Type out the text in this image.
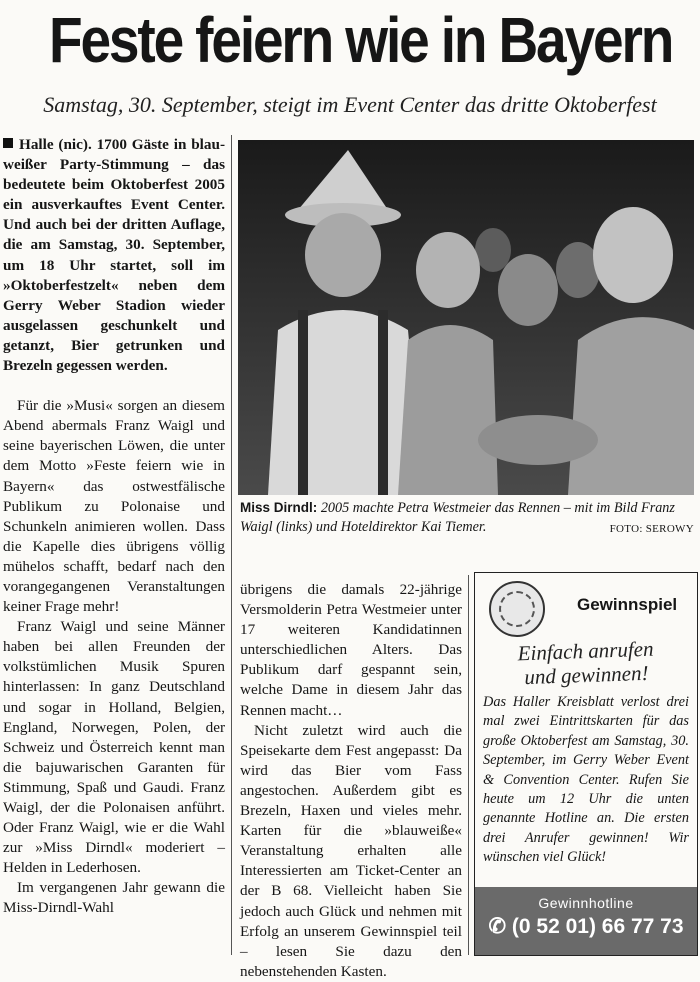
Feste feiern wie in Bayern
Samstag, 30. September, steigt im Event Center das dritte Oktoberfest

Halle (nic). 1700 Gäste in blau-weißer Party-Stimmung – das bedeutete beim Oktoberfest 2005 ein ausverkauftes Event Center. Und auch bei der dritten Auflage, die am Samstag, 30. September, um 18 Uhr startet, soll im »Oktoberfestzelt« neben dem Gerry Weber Stadion wieder ausgelassen geschunkelt und getanzt, Bier getrunken und Brezeln gegessen werden.

Für die »Musi« sorgen an diesem Abend abermals Franz Waigl und seine bayerischen Löwen, die unter dem Motto »Feste feiern wie in Bayern« das ostwestfälische Publikum zu Polonaise und Schunkeln animieren wollen. Dass die Kapelle dies übrigens völlig mühelos schafft, bedarf nach den vorangegangenen Veranstaltungen keiner Frage mehr!

Franz Waigl und seine Männer haben bei allen Freunden der volkstümlichen Musik Spuren hinterlassen: In ganz Deutschland und sogar in Holland, Belgien, England, Norwegen, Polen, der Schweiz und Österreich kennt man die bajuwarischen Garanten für Stimmung, Spaß und Gaudi. Franz Waigl, der die Polonaisen anführt. Oder Franz Waigl, wie er die Wahl zur »Miss Dirndl« moderiert – Helden in Lederhosen.

Im vergangenen Jahr gewann die Miss-Dirndl-Wahl

Miss Dirndl: 2005 machte Petra Westmeier das Rennen – mit im Bild Franz Waigl (links) und Hoteldirektor Kai Tiemer.	FOTO: SEROWY

übrigens die damals 22-jährige Versmolderin Petra Westmeier unter 17 weiteren Kandidatinnen unterschiedlichen Alters. Das Publikum darf gespannt sein, welche Dame in diesem Jahr das Rennen macht…

Nicht zuletzt wird auch die Speisekarte dem Fest angepasst: Da wird das Bier vom Fass angestochen. Außerdem gibt es Brezeln, Haxen und vieles mehr. Karten für die »blauweiße« Veranstaltung erhalten alle Interessierten am Ticket-Center an der B 68. Vielleicht haben Sie jedoch auch Glück und nehmen mit Erfolg an unserem Gewinnspiel teil – lesen Sie dazu den nebenstehenden Kasten.

Gewinnspiel
Einfach anrufen
und gewinnen!
Das Haller Kreisblatt verlost drei mal zwei Eintrittskarten für das große Oktoberfest am Samstag, 30. September, im Gerry Weber Event & Convention Center. Rufen Sie heute um 12 Uhr die unten genannte Hotline an. Die ersten drei Anrufer gewinnen! Wir wünschen viel Glück!
Gewinnhotline
✆ (0 52 01) 66 77 73
